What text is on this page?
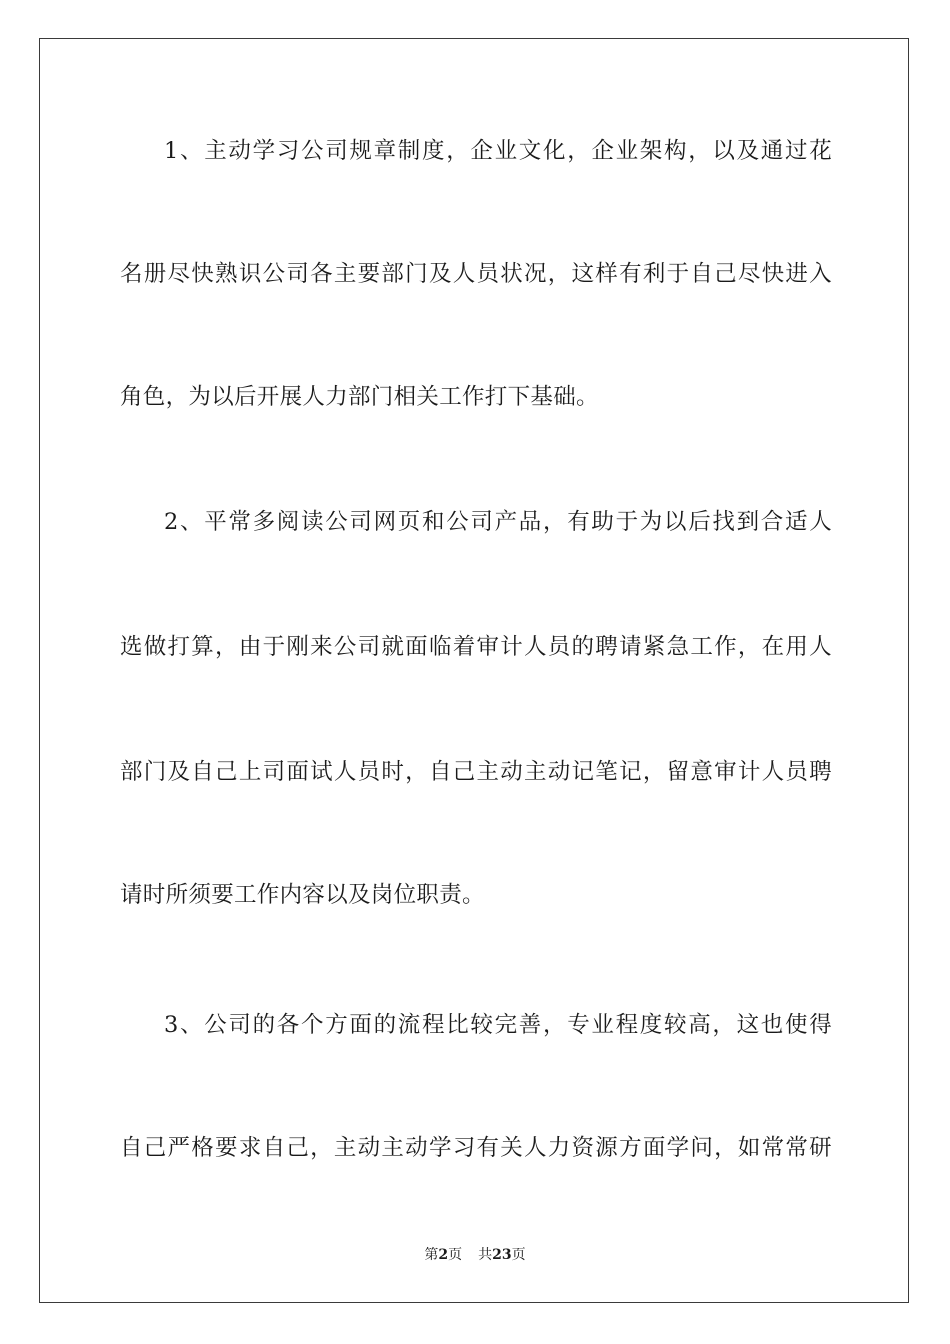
1、主动学习公司规章制度，企业文化，企业架构，以及通过花
名册尽快熟识公司各主要部门及人员状况，这样有利于自己尽快进入
角色，为以后开展人力部门相关工作打下基础。
2、平常多阅读公司网页和公司产品，有助于为以后找到合适人
选做打算，由于刚来公司就面临着审计人员的聘请紧急工作，在用人
部门及自己上司面试人员时，自己主动主动记笔记，留意审计人员聘
请时所须要工作内容以及岗位职责。
3、公司的各个方面的流程比较完善，专业程度较高，这也使得
自己严格要求自己，主动主动学习有关人力资源方面学问，如常常研
第2页 共23页
